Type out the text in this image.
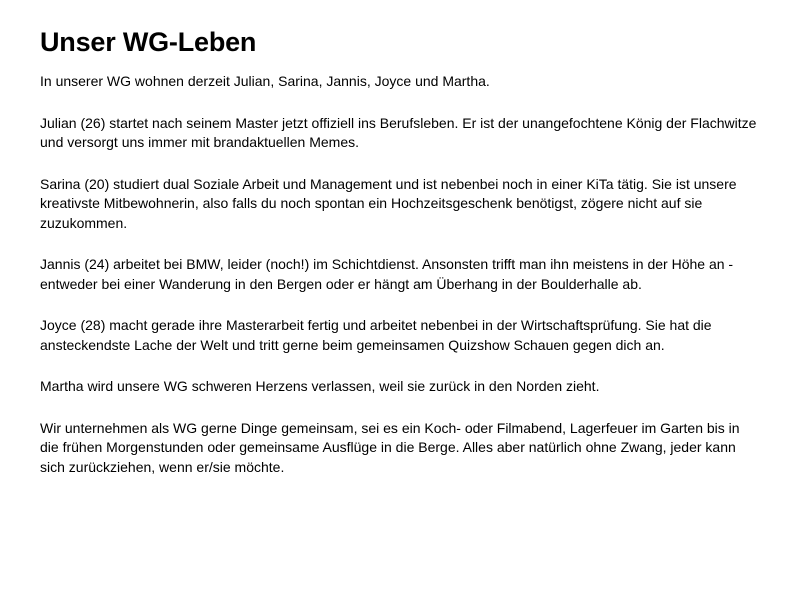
Unser WG-Leben

In unserer WG wohnen derzeit Julian, Sarina, Jannis, Joyce und Martha.

Julian (26) startet nach seinem Master jetzt offiziell ins Berufsleben. Er ist der unangefochtene König der Flachwitze und versorgt uns immer mit brandaktuellen Memes.

Sarina (20) studiert dual Soziale Arbeit und Management und ist nebenbei noch in einer KiTa tätig. Sie ist unsere kreativste Mitbewohnerin, also falls du noch spontan ein Hochzeitsgeschenk benötigst, zögere nicht auf sie zuzukommen.

Jannis (24) arbeitet bei BMW, leider (noch!) im Schichtdienst. Ansonsten trifft man ihn meistens in der Höhe an - entweder bei einer Wanderung in den Bergen oder er hängt am Überhang in der Boulderhalle ab.

Joyce (28) macht gerade ihre Masterarbeit fertig und arbeitet nebenbei in der Wirtschaftsprüfung. Sie hat die ansteckendste Lache der Welt und tritt gerne beim gemeinsamen Quizshow Schauen gegen dich an.

Martha wird unsere WG schweren Herzens verlassen, weil sie zurück in den Norden zieht.

Wir unternehmen als WG gerne Dinge gemeinsam, sei es ein Koch- oder Filmabend, Lagerfeuer im Garten bis in die frühen Morgenstunden oder gemeinsame Ausflüge in die Berge. Alles aber natürlich ohne Zwang, jeder kann sich zurückziehen, wenn er/sie möchte.
